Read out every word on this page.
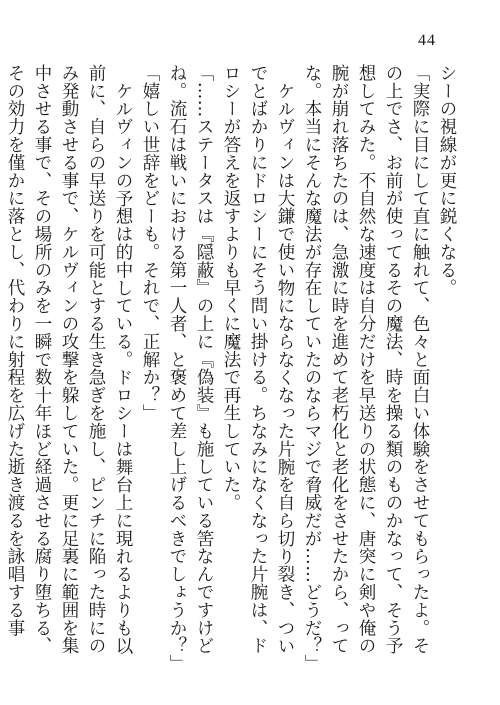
44

シーの視線が更に鋭くなる。

「実際に目にして直に触れて、色々と面白い体験をさせてもらったよ。その上でさ、お前が使ってるその魔法、時を操る類のものかなって、そう予想してみた。不自然な速度は自分だけを早送りの状態に、唐突に剣や俺の腕が崩れ落ちたのは、急激に時を進めて老朽化と老化をさせたから、ってな。本当にそんな魔法が存在していたのならマジで脅威だが……どうだ？」

ケルヴィンは大鎌で使い物にならなくなった片腕を自ら切り裂き、ついでとばかりにドロシーにそう問い掛ける。ちなみになくなった片腕は、ドロシーが答えを返すよりも早くに魔法で再生していた。

「……ステータスは『隠蔽』の上に『偽装』も施している筈なんですけどね。流石は戦いにおける第一人者、と褒めて差し上げるべきでしょうか？」

「嬉しい世辞をどーも。それで、正解か？」

ケルヴィンの予想は的中している。ドロシーは舞台上に現れるよりも以前に、自らの早送りを可能とする生き急ぎを施し、ピンチに陥った時にのみ発動させる事で、ケルヴィンの攻撃を躱していた。更に足裏に範囲を集中させる事で、その場所のみを一瞬で数十年ほど経過させる腐り堕ちる、その効力を僅かに落とし、代わりに射程を広げた逝き渡るを詠唱する事
